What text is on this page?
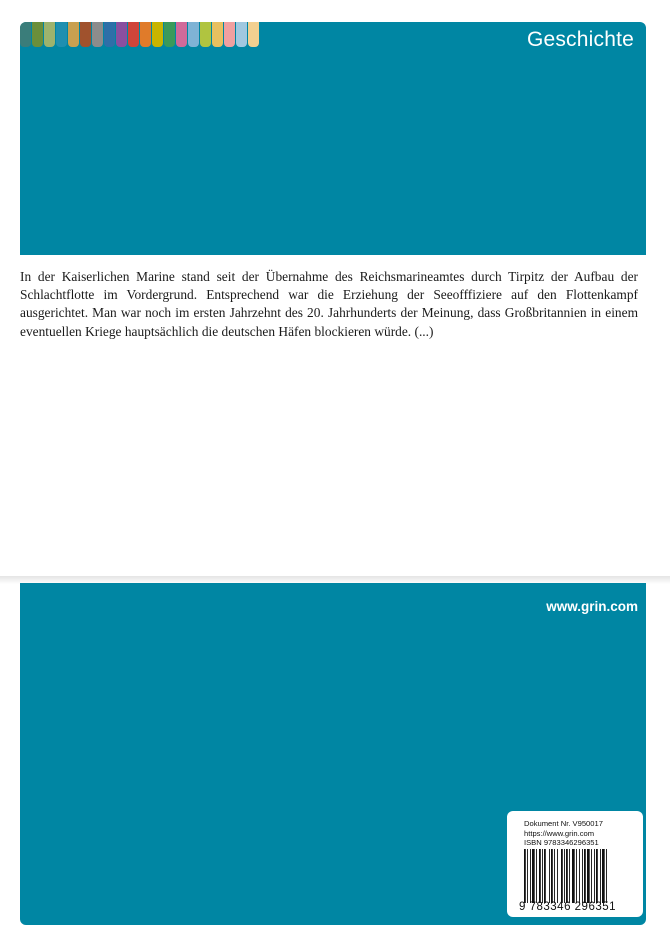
Geschichte

In der Kaiserlichen Marine stand seit der Übernahme des Reichsmarineamtes durch Tirpitz der Aufbau der Schlachtflotte im Vordergrund. Entsprechend war die Erziehung der Seeofffiziere auf den Flottenkampf ausgerichtet. Man war noch im ersten Jahrzehnt des 20. Jahrhunderts der Meinung, dass Großbritannien in einem eventuellen Kriege hauptsächlich die deutschen Häfen blockieren würde. (...)

www.grin.com
Dokument Nr. V950017
https://www.grin.com
ISBN 9783346296351
9 783346 296351
